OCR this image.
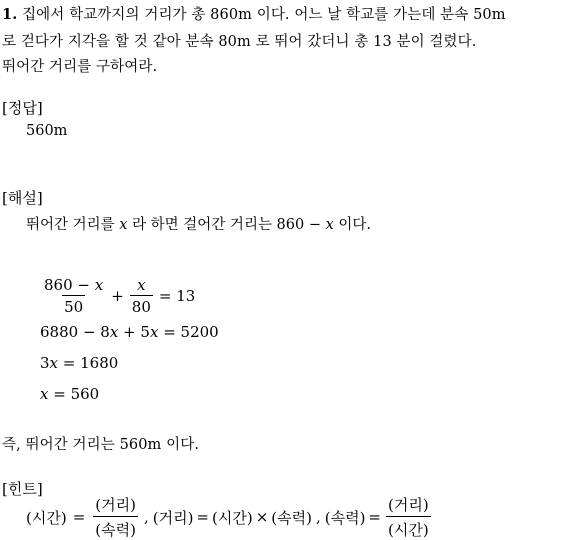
1. 집에서 학교까지의 거리가 총 860m 이다. 어느 날 학교를 가는데 분속 50m
로 걷다가 지각을 할 것 같아 분속 80m 로 뛰어 갔더니 총 13 분이 걸렸다.
뛰어간 거리를 구하여라.
[정답]
560m
[해설]
뛰어간 거리를 x 라 하면 걸어간 거리는 860 − x 이다.
$\frac{860 - x}{50} + \frac{x}{80} = 13$
6880 − 8x + 5x = 5200
3x = 1680
x = 560
즉, 뛰어간 거리는 560m 이다.
[힌트]
(시간) = $\frac{\text{(거리)}}{\text{(속력)}}$ , (거리) = (시간) × (속력) , (속력) = $\frac{\text{(거리)}}{\text{(시간)}}$
